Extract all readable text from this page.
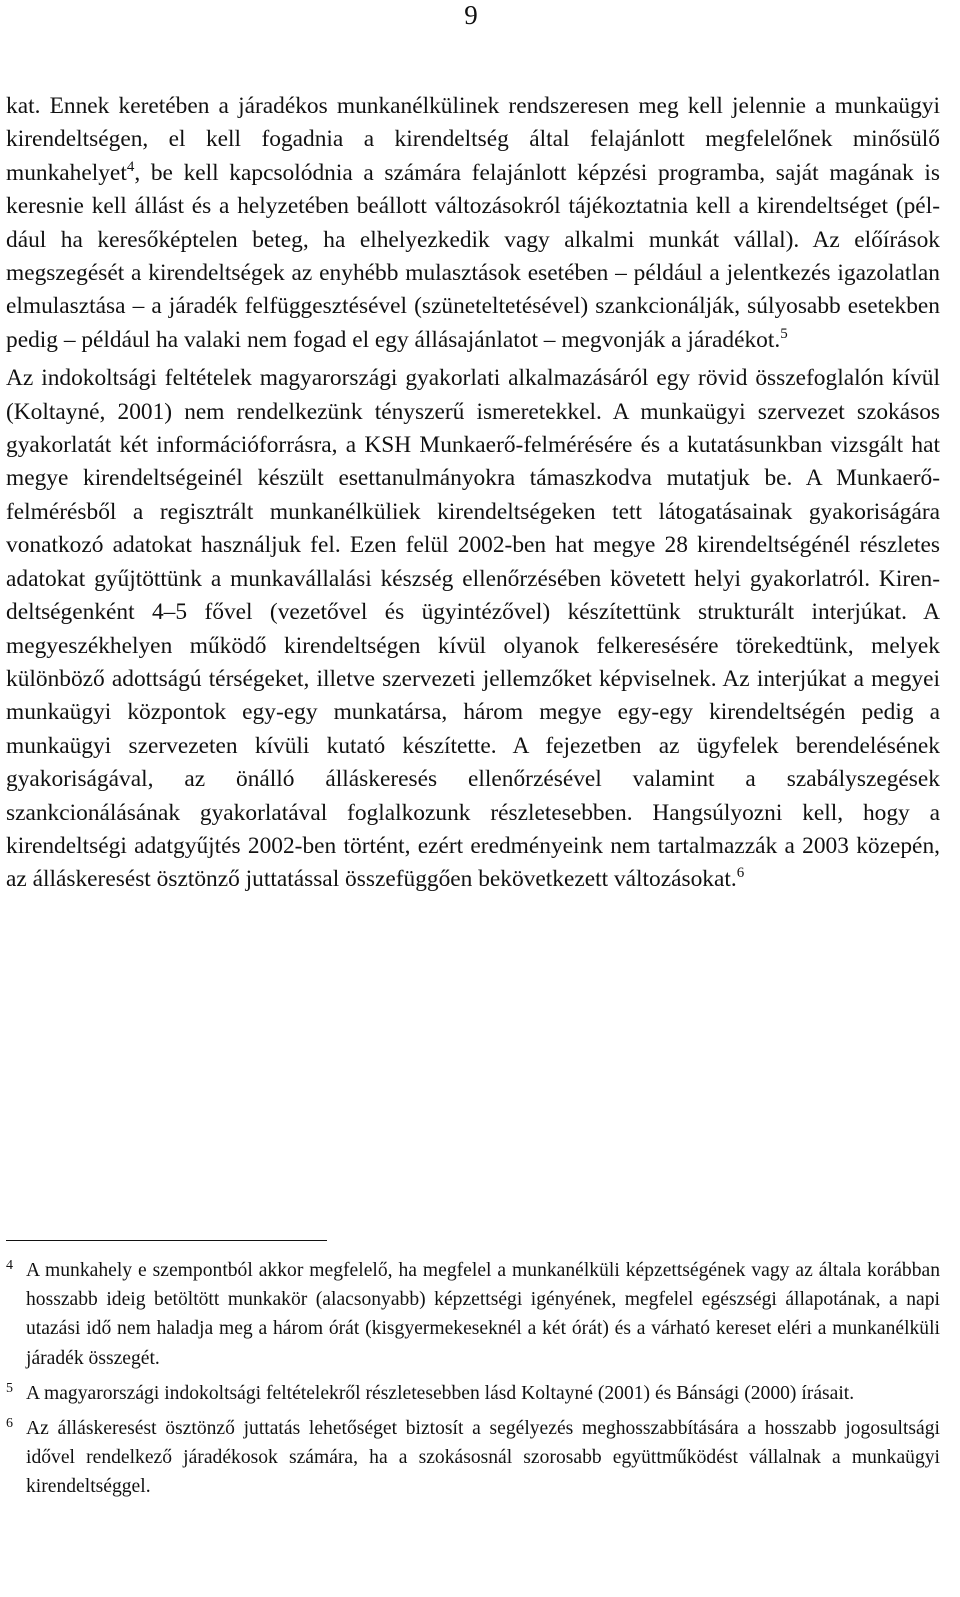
9

kat. Ennek keretében a járadékos munkanélkülinek rendszeresen meg kell jelennie a munkaügyi kirendeltségen, el kell fogadnia a kirendeltség által felajánlott megfelelőnek minősülő munkahelyet$^4$, be kell kapcsolódnia a számára felajánlott képzési programba, saját magának is keresnie kell állást és a helyzetében beállott változásokról tájékoztatnia kell a kirendeltséget (például ha keresőképtelen beteg, ha elhelyezkedik vagy alkalmi munkát vállal). Az előírások megszegését a kirendeltségek az enyhébb mulasztások esetében – például a jelentkezés igazolatlan elmulasztása – a járadék felfüggesztésével (szüneteltetésével) szankcionálják, súlyosabb esetekben pedig – például ha valaki nem fogad el egy állásajánlatot – megvonják a járadékot.$^5$

Az indokoltsági feltételek magyarországi gyakorlati alkalmazásáról egy rövid összefoglalón kívül (Koltayné, 2001) nem rendelkezünk tényszerű ismeretekkel. A munkaügyi szervezet szokásos gyakorlatát két információforrásra, a KSH Munkaerő-felmérésére és a kutatásunkban vizsgált hat megye kirendeltségeinél készült esettanulmányokra támaszkodva mutatjuk be. A Munkaerő-felmérésből a regisztrált munkanélküliek kirendeltségeken tett látogatásainak gyakoriságára vonatkozó adatokat használjuk fel. Ezen felül 2002-ben hat megye 28 kirendeltségénél részletes adatokat gyűjtöttünk a munkavállalási készség ellenőrzésében követett helyi gyakorlatról. Kirendeltségenként 4–5 fővel (vezetővel és ügyintézővel) készítettünk strukturált interjúkat. A megyeszékhelyen működő kirendeltségen kívül olyanok felkeresésére törekedtünk, melyek különböző adottságú térségeket, illetve szervezeti jellemzőket képviselnek. Az interjúkat a megyei munkaügyi központok egy-egy munkatársa, három megye egy-egy kirendeltségén pedig a munkaügyi szervezeten kívüli kutató készítette. A fejezetben az ügyfelek berendelésének gyakoriságával, az önálló álláskeresés ellenőrzésével valamint a szabályszegések szankcionálásának gyakorlatával foglalkozunk részletesebben. Hangsúlyozni kell, hogy a kirendeltségi adatgyűjtés 2002-ben történt, ezért eredményeink nem tartalmazzák a 2003 közepén, az álláskeresést ösztönző juttatással összefüggően bekövetkezett változásokat.$^6$

4 A munkahely e szempontból akkor megfelelő, ha megfelel a munkanélküli képzettségének vagy az általa korábban hosszabb ideig betöltött munkakör (alacsonyabb) képzettségi igényének, megfelel egészségi állapotának, a napi utazási idő nem haladja meg a három órát (kisgyermekeseknél a két órát) és a várható kereset eléri a munkanélküli járadék összegét.

5 A magyarországi indokoltsági feltételekről részletesebben lásd Koltayné (2001) és Bánsági (2000) írásait.

6 Az álláskeresést ösztönző juttatás lehetőséget biztosít a segélyezés meghosszabbítására a hosszabb jogosultsági idővel rendelkező járadékosok számára, ha a szokásosnál szorosabb együttműködést vállalnak a munkaügyi kirendeltséggel.
